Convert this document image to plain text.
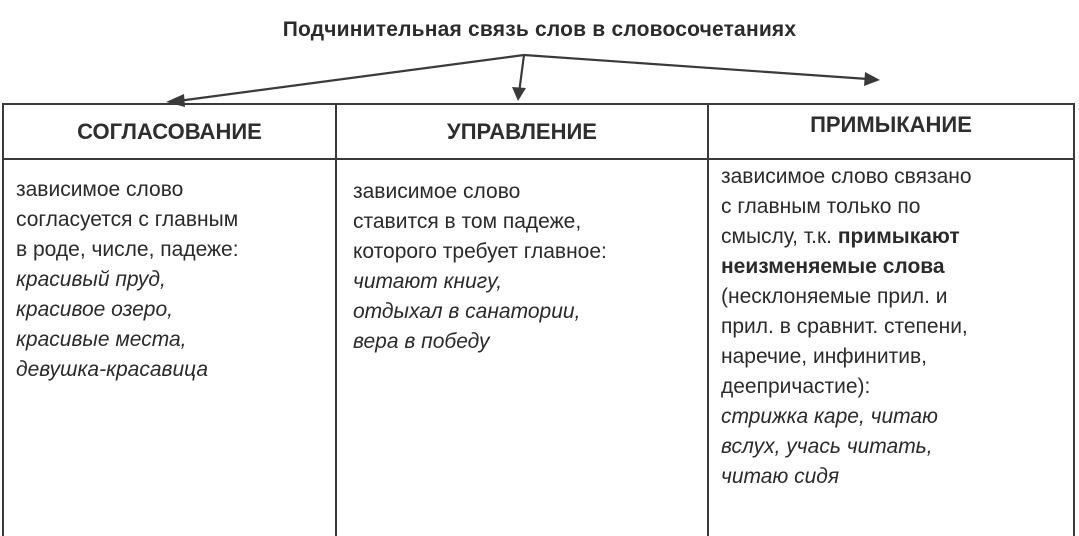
Подчинительная связь слов в словосочетаниях
СОГЛАСОВАНИЕ
зависимое слово
согласуется с главным
в роде, числе, падеже:
красивый пруд,
красивое озеро,
красивые места,
девушка-красавица
УПРАВЛЕНИЕ
зависимое слово
ставится в том падеже,
которого требует главное:
читают книгу,
отдыхал в санатории,
вера в победу
ПРИМЫКАНИЕ
зависимое слово связано
с главным только по
смыслу, т.к. примыкают
неизменяемые слова
(несклоняемые прил. и
прил. в сравнит. степени,
наречие, инфинитив,
деепричастие):
стрижка каре, читаю
вслух, учась читать,
читаю сидя
